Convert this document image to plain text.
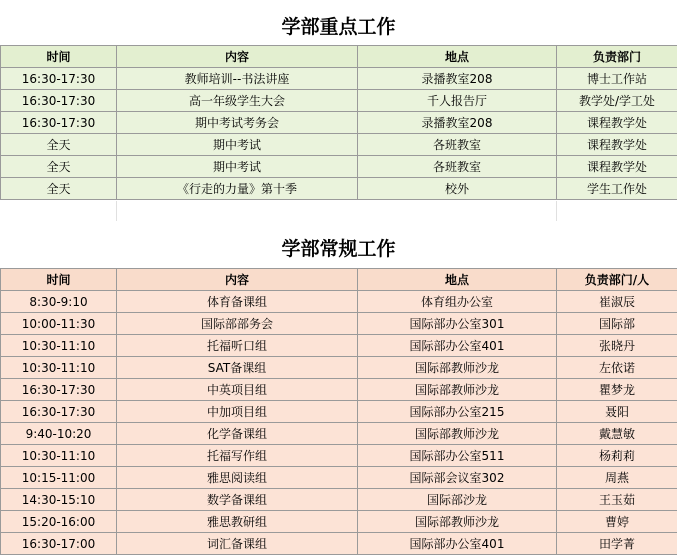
学部重点工作
时间	内容	地点	负责部门
16:30-17:30	教师培训--书法讲座	录播教室208	博士工作站
16:30-17:30	高一年级学生大会	千人报告厅	教学处/学工处
16:30-17:30	期中考试考务会	录播教室208	课程教学处
全天	期中考试	各班教室	课程教学处
全天	期中考试	各班教室	课程教学处
全天	《行走的力量》第十季	校外	学生工作处
学部常规工作
时间	内容	地点	负责部门/人
8:30-9:10	体育备课组	体育组办公室	崔淑辰
10:00-11:30	国际部部务会	国际部办公室301	国际部
10:30-11:10	托福听口组	国际部办公室401	张晓丹
10:30-11:10	SAT备课组	国际部教师沙龙	左依诺
16:30-17:30	中英项目组	国际部教师沙龙	瞿梦龙
16:30-17:30	中加项目组	国际部办公室215	聂阳
9:40-10:20	化学备课组	国际部教师沙龙	戴慧敏
10:30-11:10	托福写作组	国际部办公室511	杨莉莉
10:15-11:00	雅思阅读组	国际部会议室302	周燕
14:30-15:10	数学备课组	国际部沙龙	王玉茹
15:20-16:00	雅思教研组	国际部教师沙龙	曹婷
16:30-17:00	词汇备课组	国际部办公室401	田学菁
